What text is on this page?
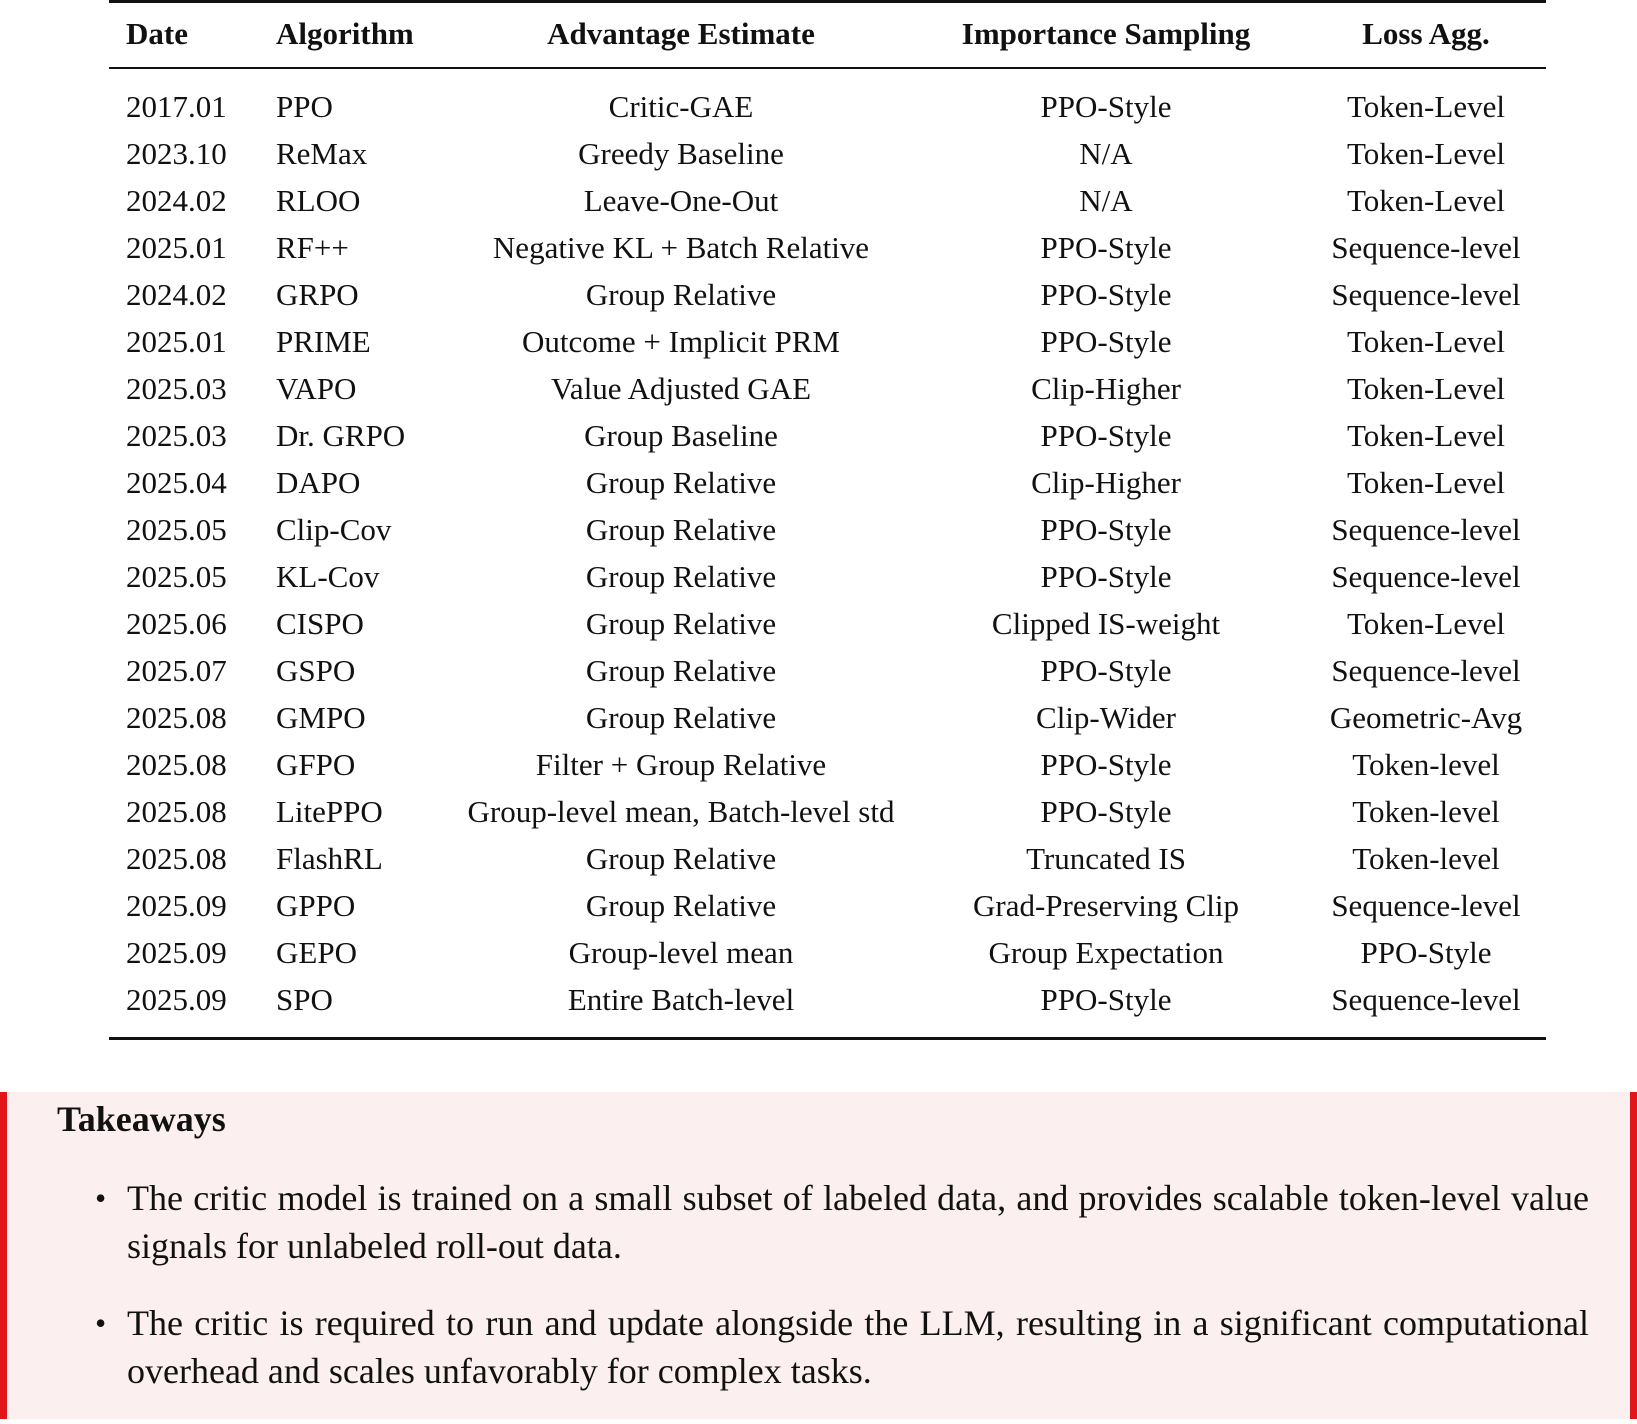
Date	Algorithm	Advantage Estimate	Importance Sampling	Loss Agg.
2017.01	PPO	Critic-GAE	PPO-Style	Token-Level
2023.10	ReMax	Greedy Baseline	N/A	Token-Level
2024.02	RLOO	Leave-One-Out	N/A	Token-Level
2025.01	RF++	Negative KL + Batch Relative	PPO-Style	Sequence-level
2024.02	GRPO	Group Relative	PPO-Style	Sequence-level
2025.01	PRIME	Outcome + Implicit PRM	PPO-Style	Token-Level
2025.03	VAPO	Value Adjusted GAE	Clip-Higher	Token-Level
2025.03	Dr. GRPO	Group Baseline	PPO-Style	Token-Level
2025.04	DAPO	Group Relative	Clip-Higher	Token-Level
2025.05	Clip-Cov	Group Relative	PPO-Style	Sequence-level
2025.05	KL-Cov	Group Relative	PPO-Style	Sequence-level
2025.06	CISPO	Group Relative	Clipped IS-weight	Token-Level
2025.07	GSPO	Group Relative	PPO-Style	Sequence-level
2025.08	GMPO	Group Relative	Clip-Wider	Geometric-Avg
2025.08	GFPO	Filter + Group Relative	PPO-Style	Token-level
2025.08	LitePPO	Group-level mean, Batch-level std	PPO-Style	Token-level
2025.08	FlashRL	Group Relative	Truncated IS	Token-level
2025.09	GPPO	Group Relative	Grad-Preserving Clip	Sequence-level
2025.09	GEPO	Group-level mean	Group Expectation	PPO-Style
2025.09	SPO	Entire Batch-level	PPO-Style	Sequence-level
Takeaways
• The critic model is trained on a small subset of labeled data, and provides scalable token-level value signals for unlabeled roll-out data.
• The critic is required to run and update alongside the LLM, resulting in a significant computational overhead and scales unfavorably for complex tasks.
